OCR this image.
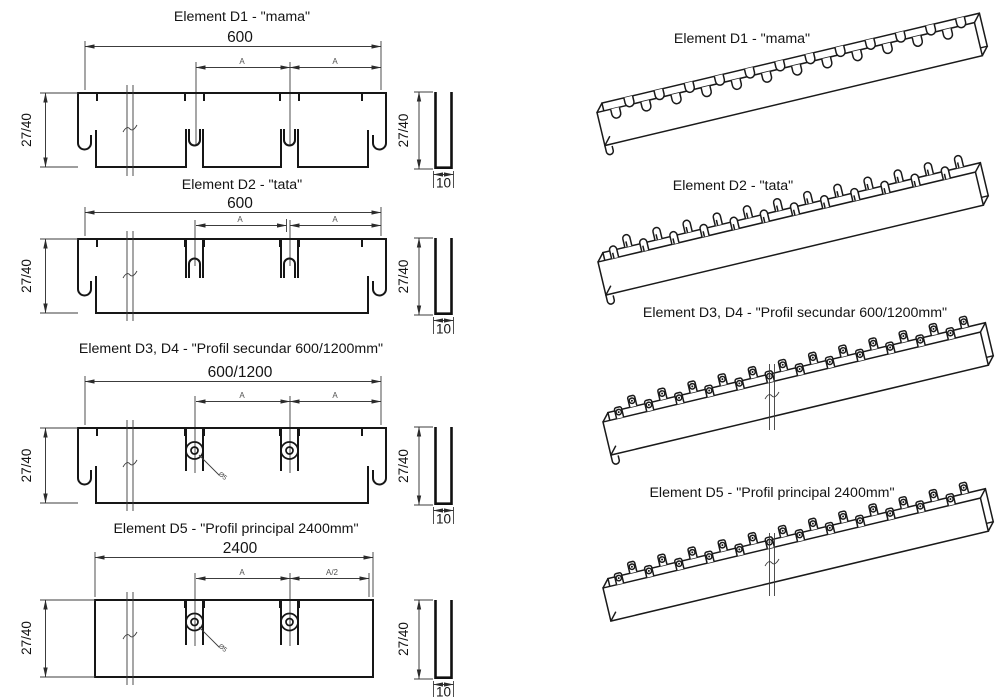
Element D1 - "mama"
600
A	A
27/40	27/40
10
Element D2 - "tata"
600
A	A
27/40	27/40
10
Element D3, D4 - "Profil secundar 600/1200mm"
600/1200
A	A
Ø5
27/40	27/40
10
Element D5 - "Profil principal 2400mm"
2400
A	A/2
Ø5
27/40	27/40
10
Element D1 - "mama"
Element D2 - "tata"
Element D3, D4 - "Profil secundar 600/1200mm"
Element D5 - "Profil principal 2400mm"
